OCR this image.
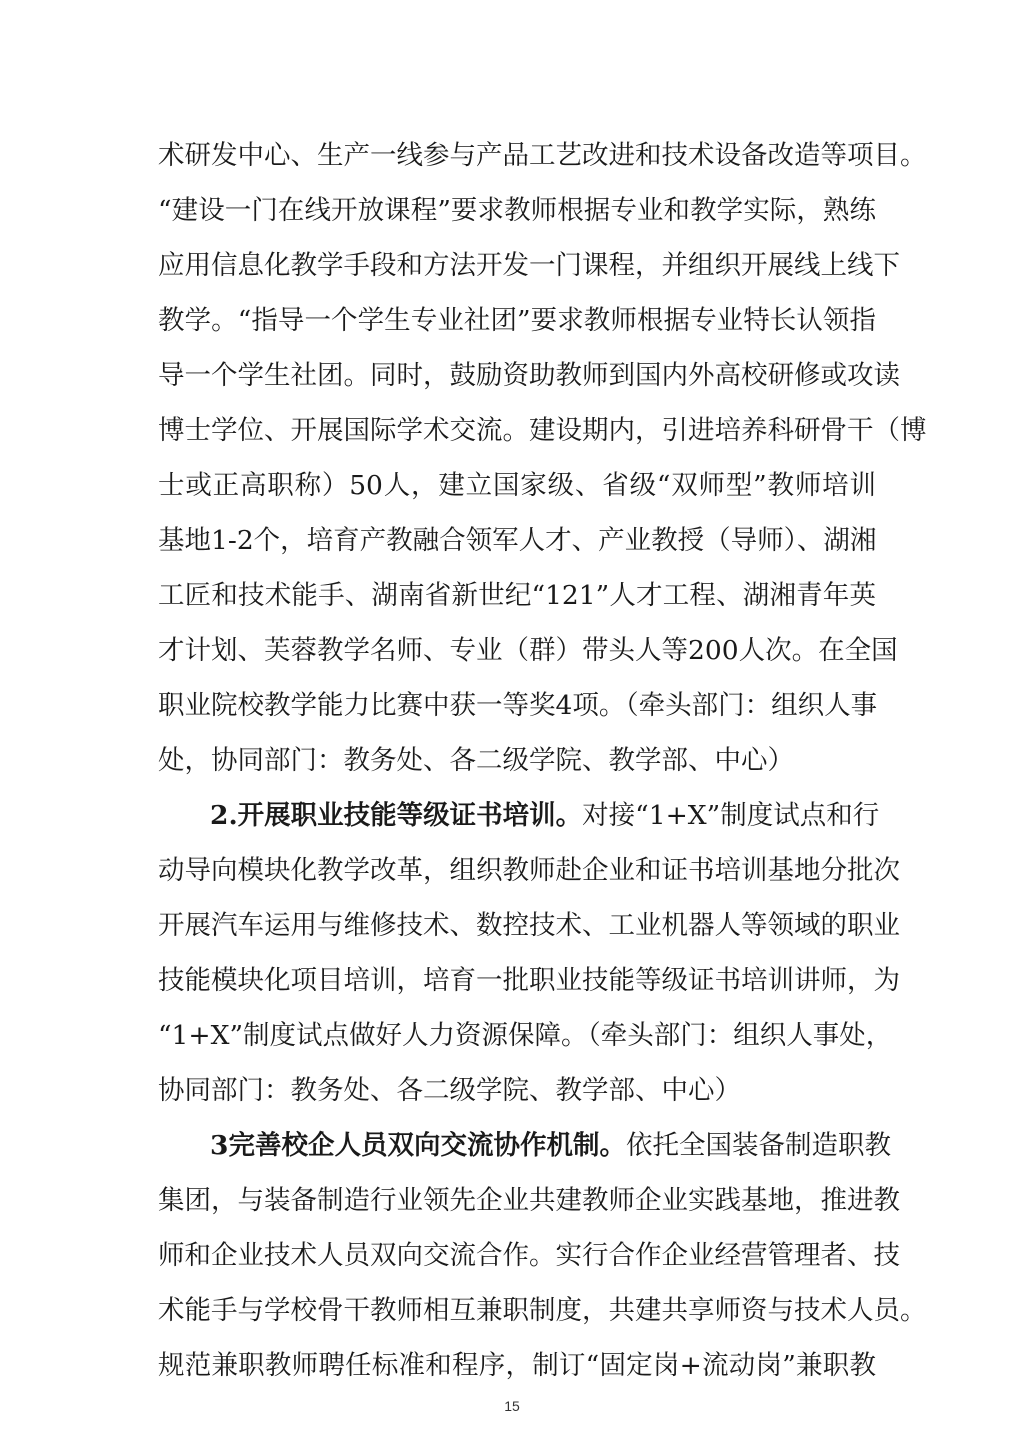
术研发中心、生产一线参与产品工艺改进和技术设备改造等项目。
“建设一门在线开放课程”要求教师根据专业和教学实际，熟练
应用信息化教学手段和方法开发一门课程，并组织开展线上线下
教学。“指导一个学生专业社团”要求教师根据专业特长认领指
导一个学生社团。同时，鼓励资助教师到国内外高校研修或攻读
博士学位、开展国际学术交流。建设期内，引进培养科研骨干（博
士或正高职称）50人，建立国家级、省级“双师型”教师培训
基地1-2个，培育产教融合领军人才、产业教授（导师）、湖湘
工匠和技术能手、湖南省新世纪“121”人才工程、湖湘青年英
才计划、芙蓉教学名师、专业（群）带头人等200人次。在全国
职业院校教学能力比赛中获一等奖4项。（牵头部门：组织人事
处，协同部门：教务处、各二级学院、教学部、中心）
2.开展职业技能等级证书培训。对接“1+X”制度试点和行
动导向模块化教学改革，组织教师赴企业和证书培训基地分批次
开展汽车运用与维修技术、数控技术、工业机器人等领域的职业
技能模块化项目培训，培育一批职业技能等级证书培训讲师，为
“1+X”制度试点做好人力资源保障。（牵头部门：组织人事处，
协同部门：教务处、各二级学院、教学部、中心）
3完善校企人员双向交流协作机制。依托全国装备制造职教
集团，与装备制造行业领先企业共建教师企业实践基地，推进教
师和企业技术人员双向交流合作。实行合作企业经营管理者、技
术能手与学校骨干教师相互兼职制度，共建共享师资与技术人员。
规范兼职教师聘任标准和程序，制订“固定岗+流动岗”兼职教
15
